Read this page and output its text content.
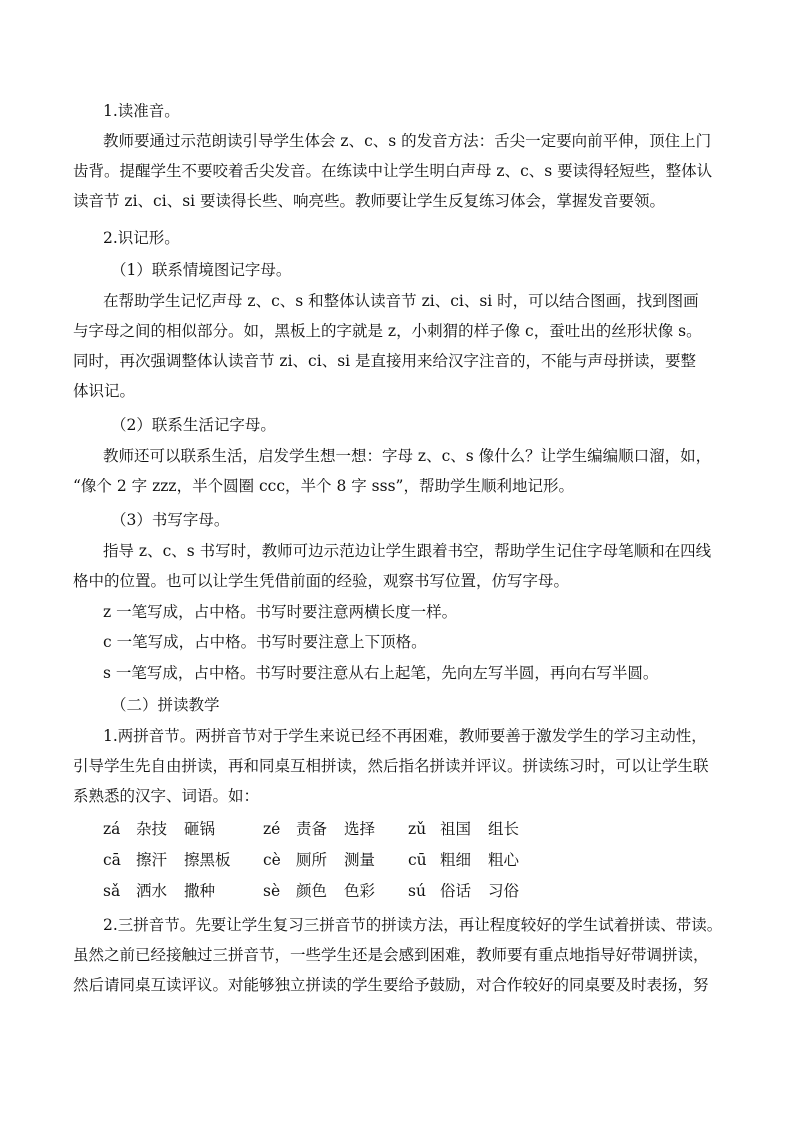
1.读准音。

教师要通过示范朗读引导学生体会 z、c、s 的发音方法：舌尖一定要向前平伸，顶住上门

齿背。提醒学生不要咬着舌尖发音。在练读中让学生明白声母 z、c、s 要读得轻短些，整体认

读音节 zi、ci、si 要读得长些、响亮些。教师要让学生反复练习体会，掌握发音要领。

2.识记形。

（1）联系情境图记字母。

在帮助学生记忆声母 z、c、s 和整体认读音节 zi、ci、si 时，可以结合图画，找到图画

与字母之间的相似部分。如，黑板上的字就是 z，小刺猬的样子像 c，蚕吐出的丝形状像 s。

同时，再次强调整体认读音节 zi、ci、si 是直接用来给汉字注音的，不能与声母拼读，要整

体识记。

（2）联系生活记字母。

教师还可以联系生活，启发学生想一想：字母 z、c、s 像什么？让学生编编顺口溜，如，

“像个 2 字 zzz，半个圆圈 ccc，半个 8 字 sss”，帮助学生顺利地记形。

（3）书写字母。

指导 z、c、s 书写时，教师可边示范边让学生跟着书空，帮助学生记住字母笔顺和在四线

格中的位置。也可以让学生凭借前面的经验，观察书写位置，仿写字母。

z 一笔写成，占中格。书写时要注意两横长度一样。

c 一笔写成，占中格。书写时要注意上下顶格。

s 一笔写成，占中格。书写时要注意从右上起笔，先向左写半圆，再向右写半圆。

（二）拼读教学

1.两拼音节。两拼音节对于学生来说已经不再困难，教师要善于激发学生的学习主动性，

引导学生先自由拼读，再和同桌互相拼读，然后指名拼读并评议。拼读练习时，可以让学生联

系熟悉的汉字、词语。如：

zá 杂技 砸锅	zé 责备 选择 zǔ 祖国 组长
cā 擦汗 擦黑板 cè 厕所 测量 cū 粗细 粗心
sǎ 洒水 撒种	sè 颜色 色彩 sú 俗话 习俗

2.三拼音节。先要让学生复习三拼音节的拼读方法，再让程度较好的学生试着拼读、带读。

虽然之前已经接触过三拼音节，一些学生还是会感到困难，教师要有重点地指导好带调拼读，

然后请同桌互读评议。对能够独立拼读的学生要给予鼓励，对合作较好的同桌要及时表扬，努
